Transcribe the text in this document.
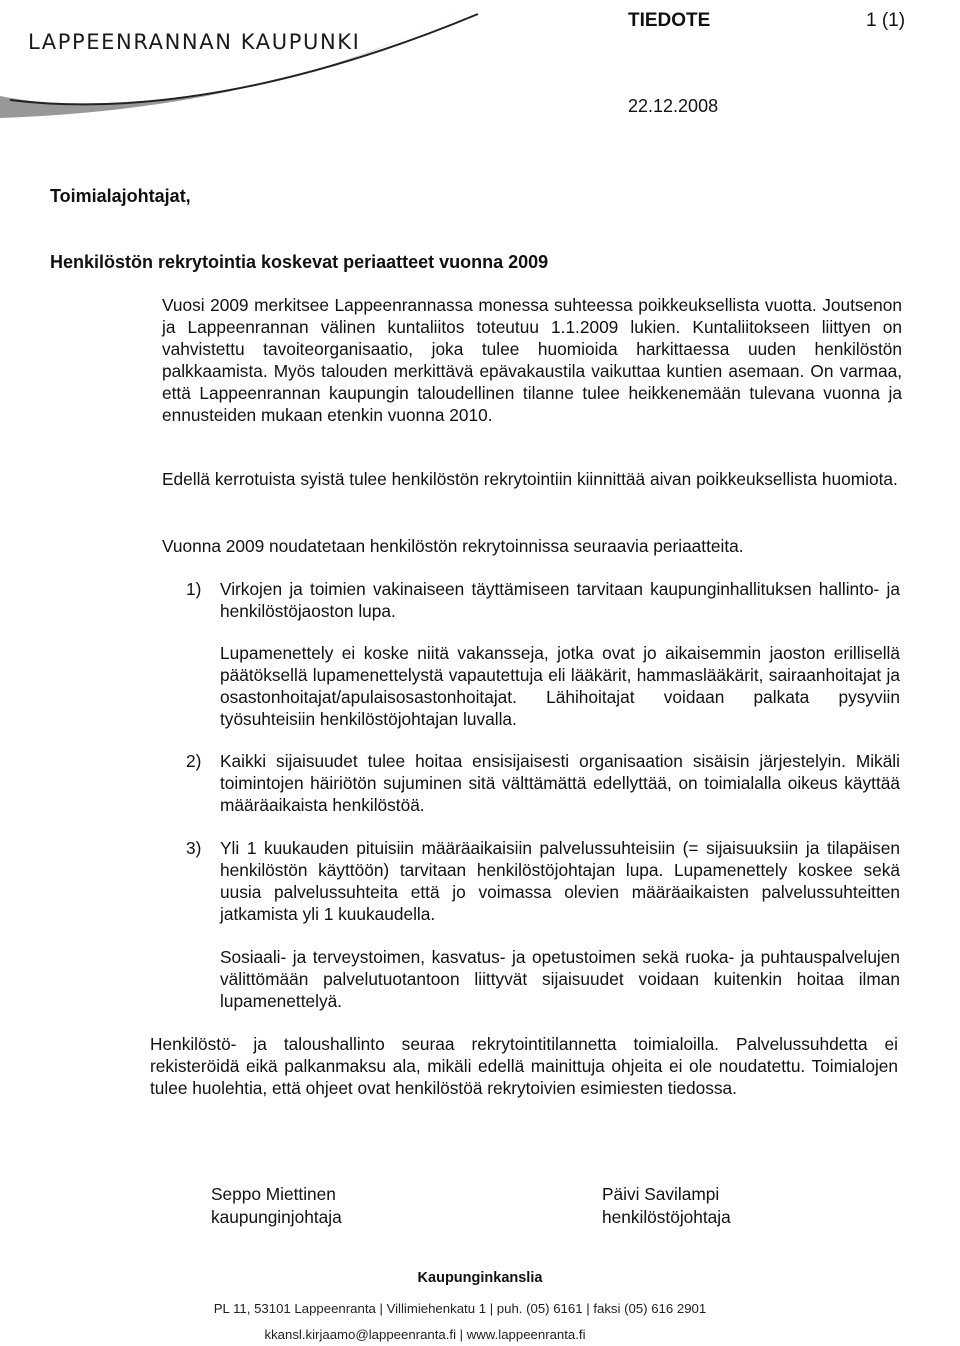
LAPPEENRANNAN KAUPUNKI
TIEDOTE	1 (1)
22.12.2008
Toimialajohtajat,
Henkilöstön rekrytointia koskevat periaatteet vuonna 2009

Vuosi 2009 merkitsee Lappeenrannassa monessa suhteessa poikkeuksellista vuotta. Joutsenon ja Lappeenrannan välinen kuntaliitos toteutuu 1.1.2009 lukien. Kuntaliitokseen liittyen on vahvistettu tavoiteorganisaatio, joka tulee huomioida harkittaessa uuden henkilöstön palkkaamista. Myös talouden merkittävä epävakaustila vaikuttaa kuntien asemaan. On varmaa, että Lappeenrannan kaupungin taloudellinen tilanne tulee heikkenemään tulevana vuonna ja ennusteiden mukaan etenkin vuonna 2010.

Edellä kerrotuista syistä tulee henkilöstön rekrytointiin kiinnittää aivan poikkeuksellista huomiota.

Vuonna 2009 noudatetaan henkilöstön rekrytoinnissa seuraavia periaatteita.

1) Virkojen ja toimien vakinaiseen täyttämiseen tarvitaan kaupunginhallituksen hallinto- ja henkilöstöjaoston lupa.

Lupamenettely ei koske niitä vakansseja, jotka ovat jo aikaisemmin jaoston erillisellä päätöksellä lupamenettelystä vapautettuja eli lääkärit, hammaslääkärit, sairaanhoitajat ja osastonhoitajat/apulaisosastonhoitajat. Lähihoitajat voidaan palkata pysyviin työsuhteisiin henkilöstöjohtajan luvalla.

2) Kaikki sijaisuudet tulee hoitaa ensisijaisesti organisaation sisäisin järjestelyin. Mikäli toimintojen häiriötön sujuminen sitä välttämättä edellyttää, on toimialalla oikeus käyttää määräaikaista henkilöstöä.

3) Yli 1 kuukauden pituisiin määräaikaisiin palvelussuhteisiin (= sijaisuuksiin ja tilapäisen henkilöstön käyttöön) tarvitaan henkilöstöjohtajan lupa. Lupamenettely koskee sekä uusia palvelussuhteita että jo voimassa olevien määräaikaisten palvelussuhteitten jatkamista yli 1 kuukaudella.

Sosiaali- ja terveystoimen, kasvatus- ja opetustoimen sekä ruoka- ja puhtauspalvelujen välittömään palvelutuotantoon liittyvät sijaisuudet voidaan kuitenkin hoitaa ilman lupamenettelyä.

Henkilöstö- ja taloushallinto seuraa rekrytointitilannetta toimialoilla. Palvelussuhdetta ei rekisteröidä eikä palkanmaksu ala, mikäli edellä mainittuja ohjeita ei ole noudatettu. Toimialojen tulee huolehtia, että ohjeet ovat henkilöstöä rekrytoivien esimiesten tiedossa.

Seppo Miettinen
kaupunginjohtaja
Päivi Savilampi
henkilöstöjohtaja
Kaupunginkanslia
PL 11, 53101 Lappeenranta | Villimiehenkatu 1 | puh. (05) 6161 | faksi (05) 616 2901
kkansl.kirjaamo@lappeenranta.fi | www.lappeenranta.fi
